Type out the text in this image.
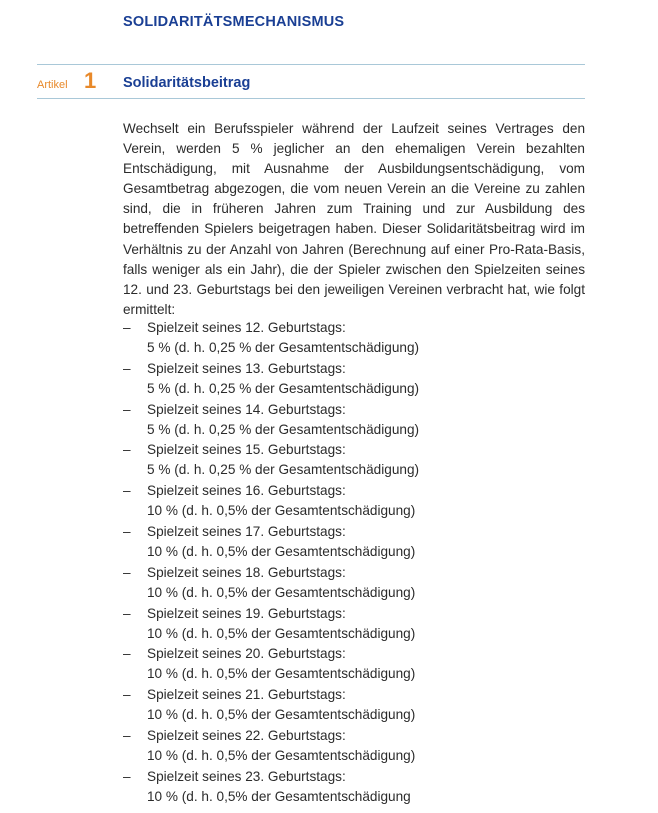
SOLIDARITÄTSMECHANISMUS
Artikel 1 Solidaritätsbeitrag

Wechselt ein Berufsspieler während der Laufzeit seines Vertrages den Verein, werden 5 % jeglicher an den ehemaligen Verein bezahlten Entschädigung, mit Ausnahme der Ausbildungsentschädigung, vom Gesamtbetrag abgezogen, die vom neuen Verein an die Vereine zu zahlen sind, die in früheren Jahren zum Training und zur Ausbildung des betreffenden Spielers beigetragen haben. Dieser Solidaritätsbeitrag wird im Verhältnis zu der Anzahl von Jahren (Berechnung auf einer Pro-Rata-Basis, falls weniger als ein Jahr), die der Spieler zwischen den Spielzeiten seines 12. und 23. Geburtstags bei den jeweiligen Vereinen verbracht hat, wie folgt ermittelt:

– Spielzeit seines 12. Geburtstags:
5 % (d. h. 0,25 % der Gesamtentschädigung)
– Spielzeit seines 13. Geburtstags:
5 % (d. h. 0,25 % der Gesamtentschädigung)
– Spielzeit seines 14. Geburtstags:
5 % (d. h. 0,25 % der Gesamtentschädigung)
– Spielzeit seines 15. Geburtstags:
5 % (d. h. 0,25 % der Gesamtentschädigung)
– Spielzeit seines 16. Geburtstags:
10 % (d. h. 0,5% der Gesamtentschädigung)
– Spielzeit seines 17. Geburtstags:
10 % (d. h. 0,5% der Gesamtentschädigung)
– Spielzeit seines 18. Geburtstags:
10 % (d. h. 0,5% der Gesamtentschädigung)
– Spielzeit seines 19. Geburtstags:
10 % (d. h. 0,5% der Gesamtentschädigung)
– Spielzeit seines 20. Geburtstags:
10 % (d. h. 0,5% der Gesamtentschädigung)
– Spielzeit seines 21. Geburtstags:
10 % (d. h. 0,5% der Gesamtentschädigung)
– Spielzeit seines 22. Geburtstags:
10 % (d. h. 0,5% der Gesamtentschädigung)
– Spielzeit seines 23. Geburtstags:
10 % (d. h. 0,5% der Gesamtentschädigung
